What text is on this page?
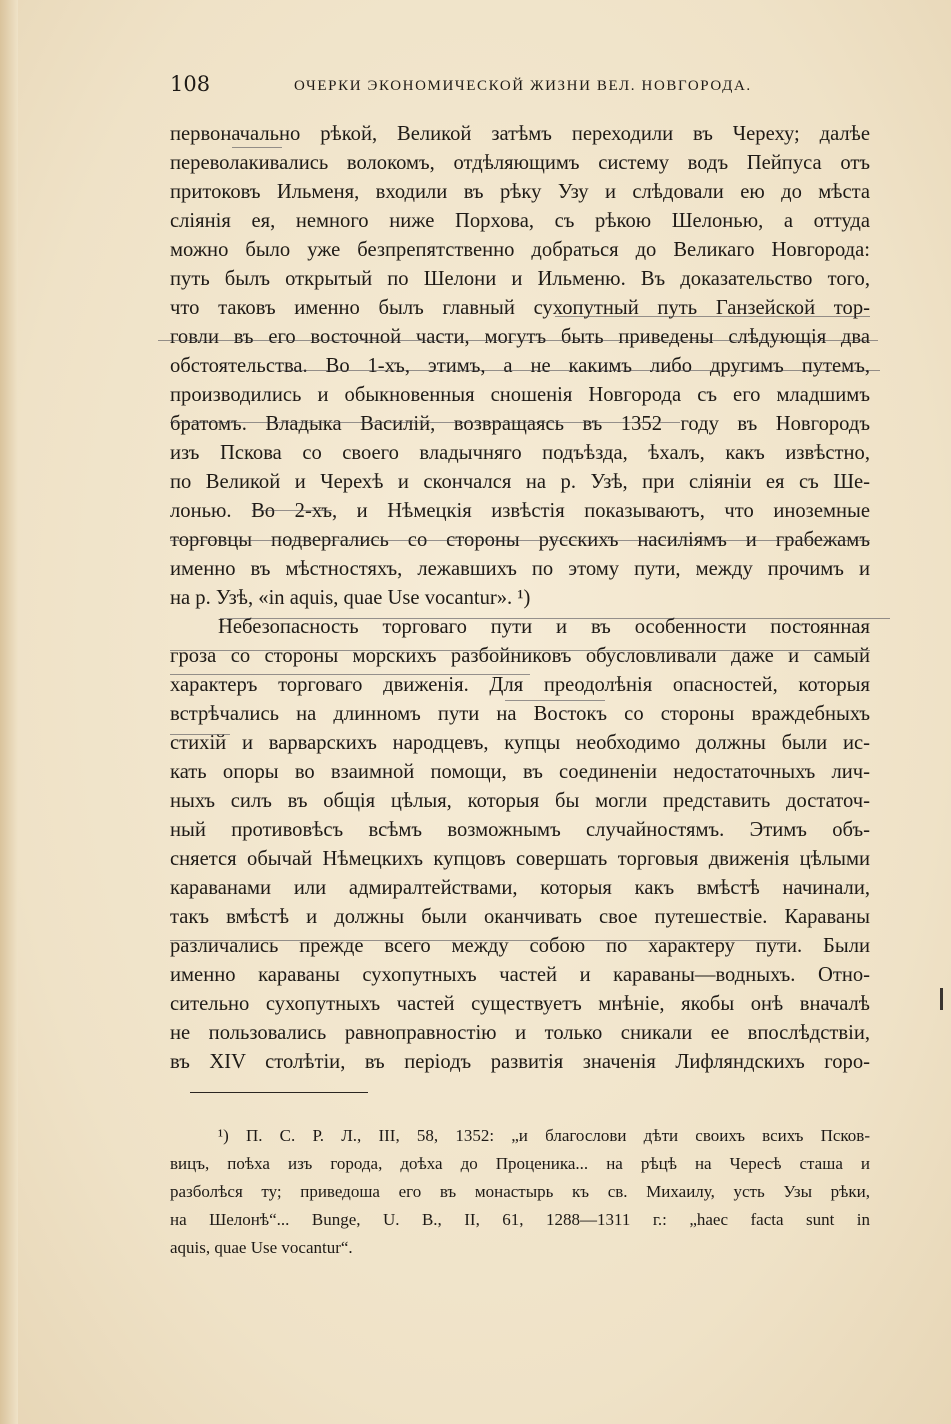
108	ОЧЕРКИ ЭКОНОМИЧЕСКОЙ ЖИЗНИ ВЕЛ. НОВГОРОДА.
первоначально рѣкой, Великой затѣмъ переходили въ Череху; далѣе
переволакивались волокомъ, отдѣляющимъ систему водъ Пейпуса отъ
притоковъ Ильменя, входили въ рѣку Узу и слѣдовали ею до мѣста
сліянія ея, немного ниже Порхова, съ рѣкою Шелонью, а оттуда
можно было уже безпрепятственно добраться до Великаго Новгорода:
путь былъ открытый по Шелони и Ильменю. Въ доказательство того,
что таковъ именно былъ главный сухопутный путь Ганзейской тор-
говли въ его восточной части, могутъ быть приведены слѣдующія два
обстоятельства. Во 1-хъ, этимъ, а не какимъ либо другимъ путемъ,
производились и обыкновенныя сношенія Новгорода съ его младшимъ
братомъ. Владыка Василій, возвращаясь въ 1352 году въ Новгородъ
изъ Пскова со своего владычняго подъѣзда, ѣхалъ, какъ извѣстно,
по Великой и Черехѣ и скончался на р. Узѣ, при сліяніи ея съ Ше-
лонью. Во 2-хъ, и Нѣмецкія извѣстія показываютъ, что иноземные
торговцы подвергались со стороны русскихъ насиліямъ и грабежамъ
именно въ мѣстностяхъ, лежавшихъ по этому пути, между прочимъ и
на р. Узѣ, «in aquis, quae Use vocantur». ¹)
Небезопасность торговаго пути и въ особенности постоянная
гроза со стороны морскихъ разбойниковъ обусловливали даже и самый
характеръ торговаго движенія. Для преодолѣнія опасностей, которыя
встрѣчались на длинномъ пути на Востокъ со стороны враждебныхъ
стихій и варварскихъ народцевъ, купцы необходимо должны были ис-
кать опоры во взаимной помощи, въ соединеніи недостаточныхъ лич-
ныхъ силъ въ общія цѣлыя, которыя бы могли представить достаточ-
ный противовѣсъ всѣмъ возможнымъ случайностямъ. Этимъ объ-
сняется обычай Нѣмецкихъ купцовъ совершать торговыя движенія цѣлыми
караванами или адмиралтействами, которыя какъ вмѣстѣ начинали,
такъ вмѣстѣ и должны были оканчивать свое путешествіе. Караваны
различались прежде всего между собою по характеру пути. Были
именно караваны сухопутныхъ частей и караваны—водныхъ. Отно-
сительно сухопутныхъ частей существуетъ мнѣніе, якобы онѣ вначалѣ
не пользовались равноправностію и только сникали ее впослѣдствіи,
въ XIV столѣтіи, въ періодъ развитія значенія Лифляндскихъ горо-
¹) П. С. Р. Л., III, 58, 1352: „и благослови дѣти своихъ всихъ Псков-
вицъ, поѣха изъ города, доѣха до Проценика... на рѣцѣ на Чересѣ сташа и
разболѣся ту; приведоша его въ монастырь къ св. Михаилу, усть Узы рѣки,
на Шелонѣ“... Bunge, U. B., II, 61, 1288—1311 г.: „haec facta sunt in
aquis, quae Use vocantur“.
